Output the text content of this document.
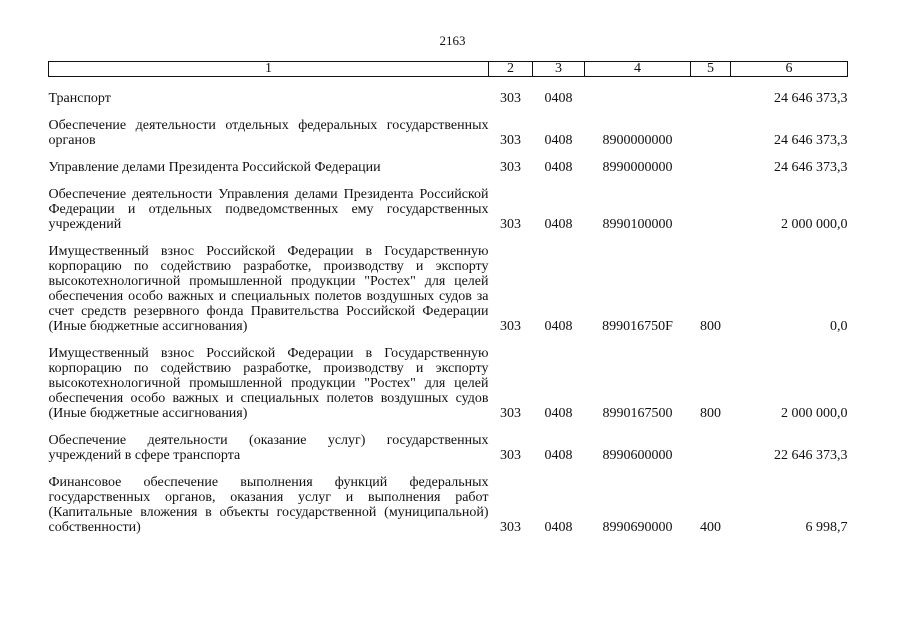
2163
1	2	3	4	5	6
Транспорт	303	0408			24 646 373,3
Обеспечение деятельности отдельных федеральных государственных органов	303	0408	8900000000		24 646 373,3
Управление делами Президента Российской Федерации	303	0408	8990000000		24 646 373,3
Обеспечение деятельности Управления делами Президента Российской Федерации и отдельных подведомственных ему государственных учреждений	303	0408	8990100000		2 000 000,0
Имущественный взнос Российской Федерации в Государственную корпорацию по содействию разработке, производству и экспорту высокотехнологичной промышленной продукции "Ростех" для целей обеспечения особо важных и специальных полетов воздушных судов за счет средств резервного фонда Правительства Российской Федерации (Иные бюджетные ассигнования)	303	0408	899016750F	800	0,0
Имущественный взнос Российской Федерации в Государственную корпорацию по содействию разработке, производству и экспорту высокотехнологичной промышленной продукции "Ростех" для целей обеспечения особо важных и специальных полетов воздушных судов (Иные бюджетные ассигнования)	303	0408	8990167500	800	2 000 000,0
Обеспечение деятельности (оказание услуг) государственных учреждений в сфере транспорта	303	0408	8990600000		22 646 373,3
Финансовое обеспечение выполнения функций федеральных государственных органов, оказания услуг и выполнения работ (Капитальные вложения в объекты государственной (муниципальной) собственности)	303	0408	8990690000	400	6 998,7
